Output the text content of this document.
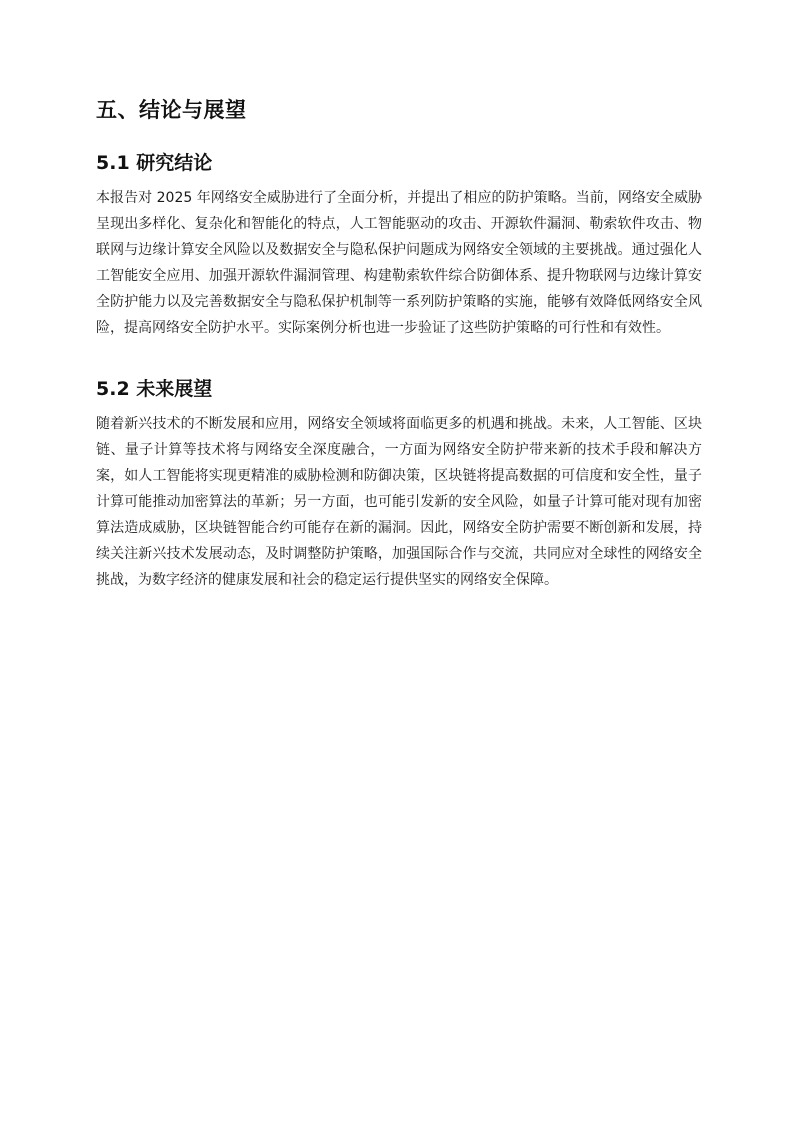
五、结论与展望
5.1 研究结论

本报告对 2025 年网络安全威胁进行了全面分析，并提出了相应的防护策略。当前，网络安全威胁呈现出多样化、复杂化和智能化的特点，人工智能驱动的攻击、开源软件漏洞、勒索软件攻击、物联网与边缘计算安全风险以及数据安全与隐私保护问题成为网络安全领域的主要挑战。通过强化人工智能安全应用、加强开源软件漏洞管理、构建勒索软件综合防御体系、提升物联网与边缘计算安全防护能力以及完善数据安全与隐私保护机制等一系列防护策略的实施，能够有效降低网络安全风险，提高网络安全防护水平。实际案例分析也进一步验证了这些防护策略的可行性和有效性。

5.2 未来展望

随着新兴技术的不断发展和应用，网络安全领域将面临更多的机遇和挑战。未来，人工智能、区块链、量子计算等技术将与网络安全深度融合，一方面为网络安全防护带来新的技术手段和解决方案，如人工智能将实现更精准的威胁检测和防御决策，区块链将提高数据的可信度和安全性，量子计算可能推动加密算法的革新；另一方面，也可能引发新的安全风险，如量子计算可能对现有加密算法造成威胁，区块链智能合约可能存在新的漏洞。因此，网络安全防护需要不断创新和发展，持续关注新兴技术发展动态，及时调整防护策略，加强国际合作与交流，共同应对全球性的网络安全挑战，为数字经济的健康发展和社会的稳定运行提供坚实的网络安全保障。
